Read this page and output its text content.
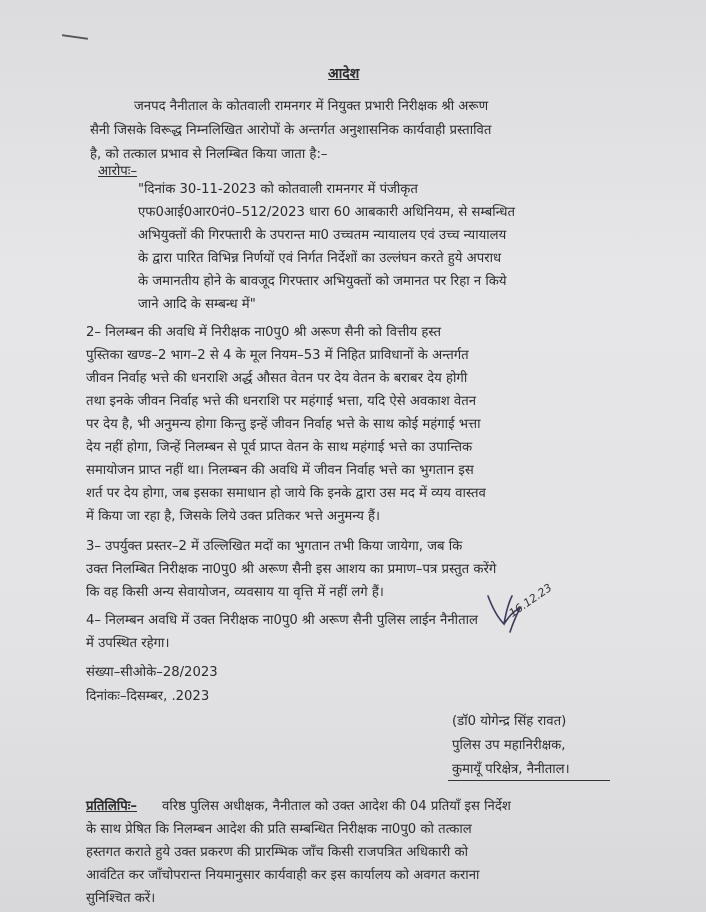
आदेश
जनपद नैनीताल के कोतवाली रामनगर में नियुक्त प्रभारी निरीक्षक श्री अरूण
सैनी जिसके विरूद्ध निम्नलिखित आरोपों के अन्तर्गत अनुशासनिक कार्यवाही प्रस्तावित
है, को तत्काल प्रभाव से निलम्बित किया जाता है:–
आरोपः–
"दिनांक 30-11-2023 को कोतवाली रामनगर में पंजीकृत
एफ0आई0आर0नं0–512/2023 धारा 60 आबकारी अधिनियम, से सम्बन्धित
अभियुक्तों की गिरफ्तारी के उपरान्त मा0 उच्चतम न्यायालय एवं उच्च न्यायालय
के द्वारा पारित विभिन्न निर्णयों एवं निर्गत निर्देशों का उल्लंघन करते हुये अपराध
के जमानतीय होने के बावजूद गिरफ्तार अभियुक्तों को जमानत पर रिहा न किये
जाने आदि के सम्बन्ध में"
2– निलम्बन की अवधि में निरीक्षक ना0पु0 श्री अरूण सैनी को वित्तीय हस्त
पुस्तिका खण्ड–2 भाग–2 से 4 के मूल नियम–53 में निहित प्राविधानों के अन्तर्गत
जीवन निर्वाह भत्ते की धनराशि अर्द्ध औसत वेतन पर देय वेतन के बराबर देय होगी
तथा इनके जीवन निर्वाह भत्ते की धनराशि पर महंगाई भत्ता, यदि ऐसे अवकाश वेतन
पर देय है, भी अनुमन्य होगा किन्तु इन्हें जीवन निर्वाह भत्ते के साथ कोई महंगाई भत्ता
देय नहीं होगा, जिन्हें निलम्बन से पूर्व प्राप्त वेतन के साथ महंगाई भत्ते का उपान्तिक
समायोजन प्राप्त नहीं था। निलम्बन की अवधि में जीवन निर्वाह भत्ते का भुगतान इस
शर्त पर देय होगा, जब इसका समाधान हो जाये कि इनके द्वारा उस मद में व्यय वास्तव
में किया जा रहा है, जिसके लिये उक्त प्रतिकर भत्ते अनुमन्य हैं।
3– उपर्युक्त प्रस्तर–2 में उल्लिखित मदों का भुगतान तभी किया जायेगा, जब कि
उक्त निलम्बित निरीक्षक ना0पु0 श्री अरूण सैनी इस आशय का प्रमाण–पत्र प्रस्तुत करेंगे
कि वह किसी अन्य सेवायोजन, व्यवसाय या वृत्ति में नहीं लगे हैं।
4– निलम्बन अवधि में उक्त निरीक्षक ना0पु0 श्री अरूण सैनी पुलिस लाईन नैनीताल
में उपस्थित रहेगा।
संख्या–सीओके–28/2023
दिनांकः–दिसम्बर, .2023
16.12.23
(डॉ0 योगेन्द्र सिंह रावत)
पुलिस उप महानिरीक्षक,
कुमायूँ परिक्षेत्र, नैनीताल।
प्रतिलिपिः– वरिष्ठ पुलिस अधीक्षक, नैनीताल को उक्त आदेश की 04 प्रतियाँ इस निर्देश
के साथ प्रेषित कि निलम्बन आदेश की प्रति सम्बन्धित निरीक्षक ना0पु0 को तत्काल
हस्तगत कराते हुये उक्त प्रकरण की प्रारम्भिक जाँच किसी राजपत्रित अधिकारी को
आवंटित कर जाँचोपरान्त नियमानुसार कार्यवाही कर इस कार्यालय को अवगत कराना
सुनिश्चित करें।
